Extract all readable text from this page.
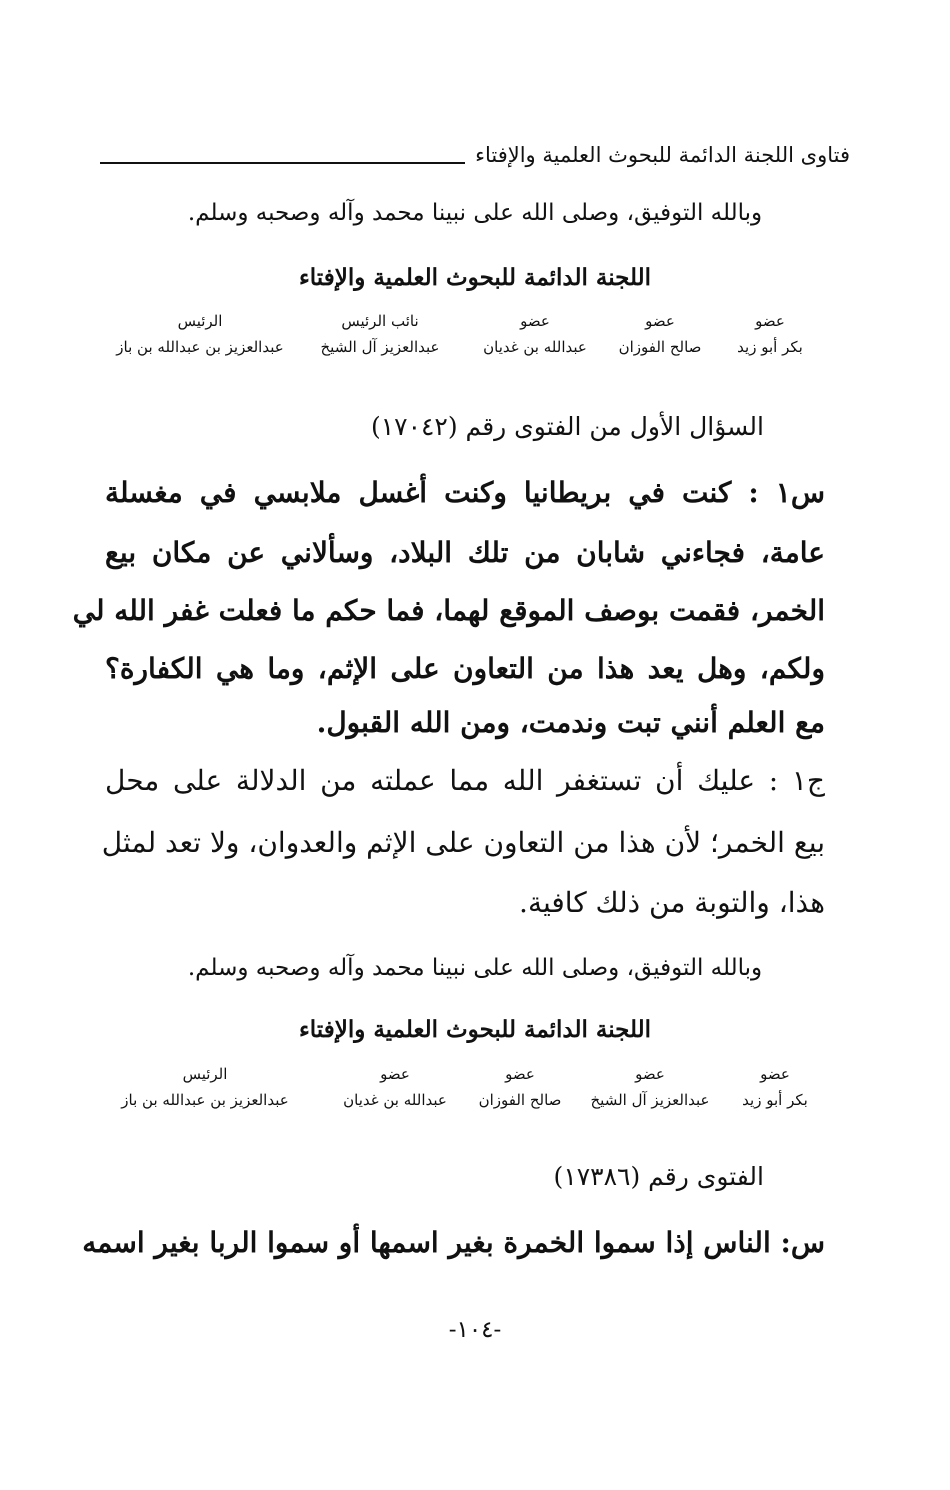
فتاوى اللجنة الدائمة للبحوث العلمية والإفتاء
وبالله التوفيق، وصلى الله على نبينا محمد وآله وصحبه وسلم.
اللجنة الدائمة للبحوث العلمية والإفتاء
عضو
بكر أبو زيد
عضو
صالح الفوزان
عضو
عبدالله بن غديان
نائب الرئيس
عبدالعزيز آل الشيخ
الرئيس
عبدالعزيز بن عبدالله بن باز
السؤال الأول من الفتوى رقم (١٧٠٤٢)
س١ : كنت في بريطانيا وكنت أغسل ملابسي في مغسلة
عامة، فجاءني شابان من تلك البلاد، وسألاني عن مكان بيع
الخمر، فقمت بوصف الموقع لهما، فما حكم ما فعلت غفر الله لي
ولكم، وهل يعد هذا من التعاون على الإثم، وما هي الكفارة؟
مع العلم أنني تبت وندمت، ومن الله القبول.
ج١ : عليك أن تستغفر الله مما عملته من الدلالة على محل
بيع الخمر؛ لأن هذا من التعاون على الإثم والعدوان، ولا تعد لمثل
هذا، والتوبة من ذلك كافية.
وبالله التوفيق، وصلى الله على نبينا محمد وآله وصحبه وسلم.
اللجنة الدائمة للبحوث العلمية والإفتاء
عضو
بكر أبو زيد
عضو
عبدالعزيز آل الشيخ
عضو
صالح الفوزان
عضو
عبدالله بن غديان
الرئيس
عبدالعزيز بن عبدالله بن باز
الفتوى رقم (١٧٣٨٦)
س: الناس إذا سموا الخمرة بغير اسمها أو سموا الربا بغير اسمه
-١٠٤-
